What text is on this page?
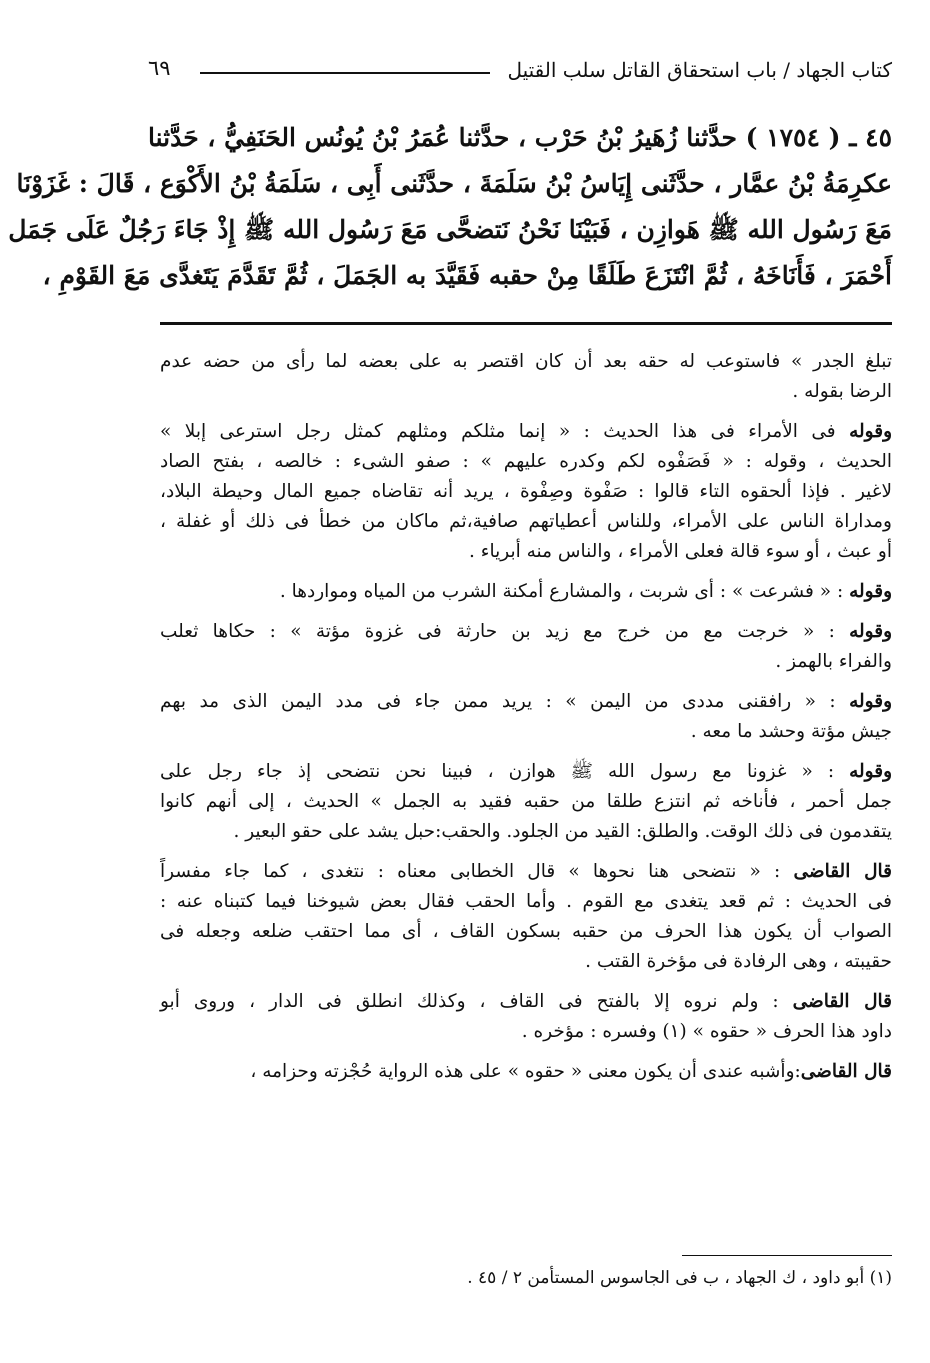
كتاب الجهاد / باب استحقاق القاتل سلب القتيل
٦٩
٤٥ ـ ( ١٧٥٤ ) حدَّثنا زُهَيرُ بْنُ حَرْب ، حدَّثنا عُمَرُ بْنُ يُونُس الحَنَفِيُّ ، حَدَّثنا
عكرِمَةُ بْنُ عمَّار ، حدَّثَنى إِيَاسُ بْنُ سَلَمَةَ ، حدَّثَنى أَبِى ، سَلَمَةُ بْنُ الأَكْوَع ، قَالَ : غَزَوْنَا
مَعَ رَسُول الله ﷺ هَوازِن ، فَبَيْنَا نَحْنُ نَتضحَّى مَعَ رَسُول الله ﷺ إِذْ جَاءَ رَجُلٌ عَلَى جَمَل
أَحْمَرَ ، فَأَنَاخَهُ ، ثُمَّ انْتَزَعَ طَلَقًا مِنْ حقبه فَقَيَّدَ به الجَمَلَ ، ثُمَّ تَقَدَّمَ يَتَغدَّى مَعَ القَوْمِ ،
تبلغ الجدر » فاستوعب له حقه بعد أن كان اقتصر به على بعضه لما رأى من حضه عدم
الرضا بقوله .
وقوله فى الأمراء فى هذا الحديث : « إنما مثلكم ومثلهم كمثل رجل استرعى إبلا »
الحديث ، وقوله : « فَصَفْوه لكم وكدره عليهم » : صفو الشىء : خالصه ، بفتح الصاد
لاغير . فإذا ألحقوه التاء قالوا : صَفْوة وصِفْوة ، يريد أنه تقاضاه جميع المال وحيطة البلاد،
ومداراة الناس على الأمراء، وللناس أعطياتهم صافية،ثم ماكان من خطأ فى ذلك أو غفلة ،
أو عبث ، أو سوء قالة فعلى الأمراء ، والناس منه أبرياء .
وقوله : « فشرعت » : أى شربت ، والمشارع أمكنة الشرب من المياه ومواردها .
وقوله : « خرجت مع من خرج مع زيد بن حارثة فى غزوة مؤتة » : حكاها ثعلب
والفراء بالهمز .
وقوله : « رافقنى مددى من اليمن » : يريد ممن جاء فى مدد اليمن الذى مد بهم
جيش مؤتة وحشد ما معه .
وقوله : « غزونا مع رسول الله ﷺ هوازن ، فبينا نحن نتضحى إذ جاء رجل على
جمل أحمر ، فأناخه ثم انتزع طلقا من حقبه فقيد به الجمل » الحديث ، إلى أنهم كانوا
يتقدمون فى ذلك الوقت. والطلق: القيد من الجلود. والحقب:حبل يشد على حقو البعير .
قال القاضى : « نتضحى هنا نحوها » قال الخطابى معناه : نتغدى ، كما جاء مفسراً
فى الحديث : ثم قعد يتغدى مع القوم . وأما الحقب فقال بعض شيوخنا فيما كتبناه عنه :
الصواب أن يكون هذا الحرف من حقبه بسكون القاف ، أى مما احتقب ضلعه وجعله فى
حقيبته ، وهى الرفادة فى مؤخرة القتب .
قال القاضى : ولم نروه إلا بالفتح فى القاف ، وكذلك انطلق فى الدار ، وروى أبو
داود هذا الحرف « حقوه » (١) وفسره : مؤخره .
قال القاضى:وأشبه عندى أن يكون معنى « حقوه » على هذه الرواية حُجْزته وحزامه ،
(١) أبو داود ، ك الجهاد ، ب فى الجاسوس المستأمن ٢ / ٤٥ .
